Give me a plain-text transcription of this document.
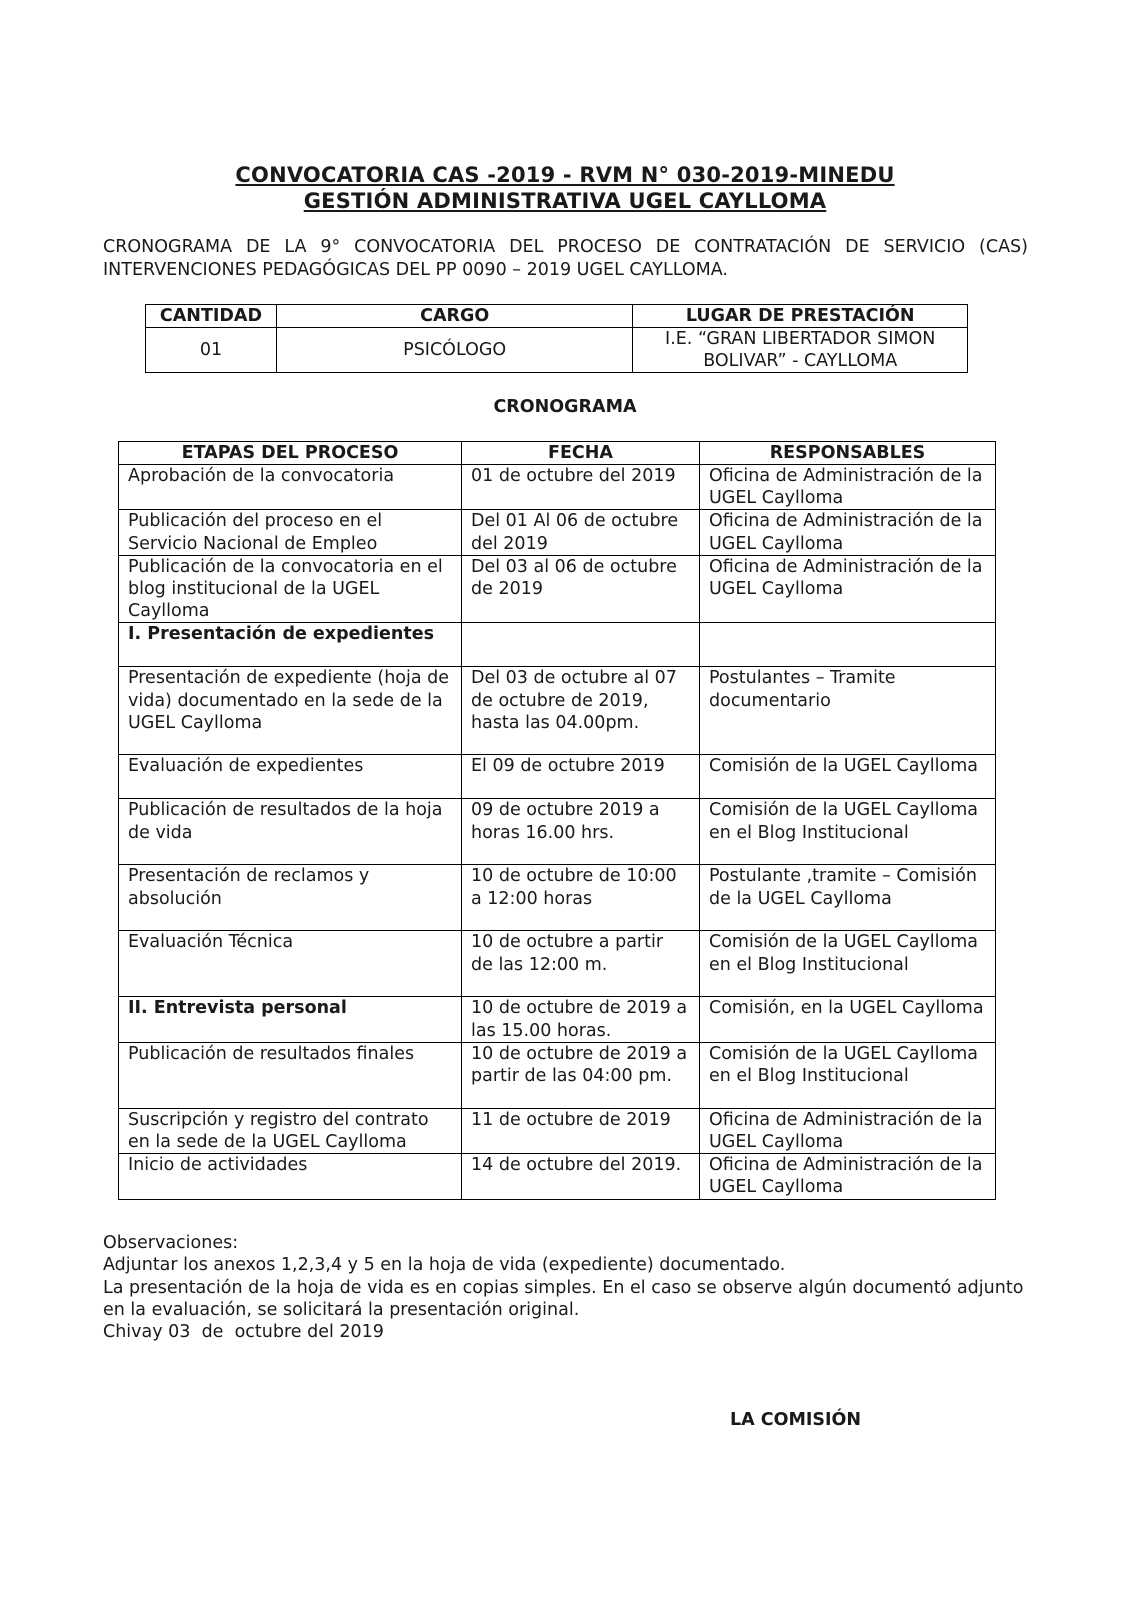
CONVOCATORIA CAS -2019 - RVM N° 030-2019-MINEDU
GESTIÓN ADMINISTRATIVA UGEL CAYLLOMA
CRONOGRAMA DE LA 9° CONVOCATORIA DEL PROCESO DE CONTRATACIÓN DE SERVICIO (CAS) INTERVENCIONES PEDAGÓGICAS DEL PP 0090 – 2019 UGEL CAYLLOMA.
CANTIDAD	CARGO	LUGAR DE PRESTACIÓN
01	PSICÓLOGO	I.E. “GRAN LIBERTADOR SIMON BOLIVAR” - CAYLLOMA
CRONOGRAMA
ETAPAS DEL PROCESO	FECHA	RESPONSABLES
Aprobación de la convocatoria	01 de octubre del 2019	Oficina de Administración de la UGEL Caylloma
Publicación del proceso en el Servicio Nacional de Empleo	Del 01 Al 06 de octubre del 2019	Oficina de Administración de la UGEL Caylloma
Publicación de la convocatoria en el blog institucional de la UGEL Caylloma	Del 03 al 06 de octubre de 2019	Oficina de Administración de la UGEL Caylloma
I. Presentación de expedientes		
Presentación de expediente (hoja de vida) documentado en la sede de la UGEL Caylloma	Del 03 de octubre al 07 de octubre de 2019, hasta las 04.00pm.	Postulantes – Tramite documentario
Evaluación de expedientes	El 09 de octubre 2019	Comisión de la UGEL Caylloma
Publicación de resultados de la hoja de vida	09 de octubre 2019 a horas 16.00 hrs.	Comisión de la UGEL Caylloma en el Blog Institucional
Presentación de reclamos y absolución	10 de octubre de 10:00 a 12:00 horas	Postulante ,tramite – Comisión de la UGEL Caylloma
Evaluación Técnica	10 de octubre a partir de las 12:00 m.	Comisión de la UGEL Caylloma en el Blog Institucional
II. Entrevista personal	10 de octubre de 2019 a las 15.00 horas.	Comisión, en la UGEL Caylloma
Publicación de resultados finales	10 de octubre de 2019 a partir de las 04:00 pm.	Comisión de la UGEL Caylloma en el Blog Institucional
Suscripción y registro del contrato en la sede de la UGEL Caylloma	11 de octubre de 2019	Oficina de Administración de la UGEL Caylloma
Inicio de actividades	14 de octubre del 2019.	Oficina de Administración de la UGEL Caylloma
Observaciones:
Adjuntar los anexos 1,2,3,4 y 5 en la hoja de vida (expediente) documentado.
La presentación de la hoja de vida es en copias simples. En el caso se observe algún documentó adjunto en la evaluación, se solicitará la presentación original.
Chivay 03  de  octubre del 2019
LA COMISIÓN
